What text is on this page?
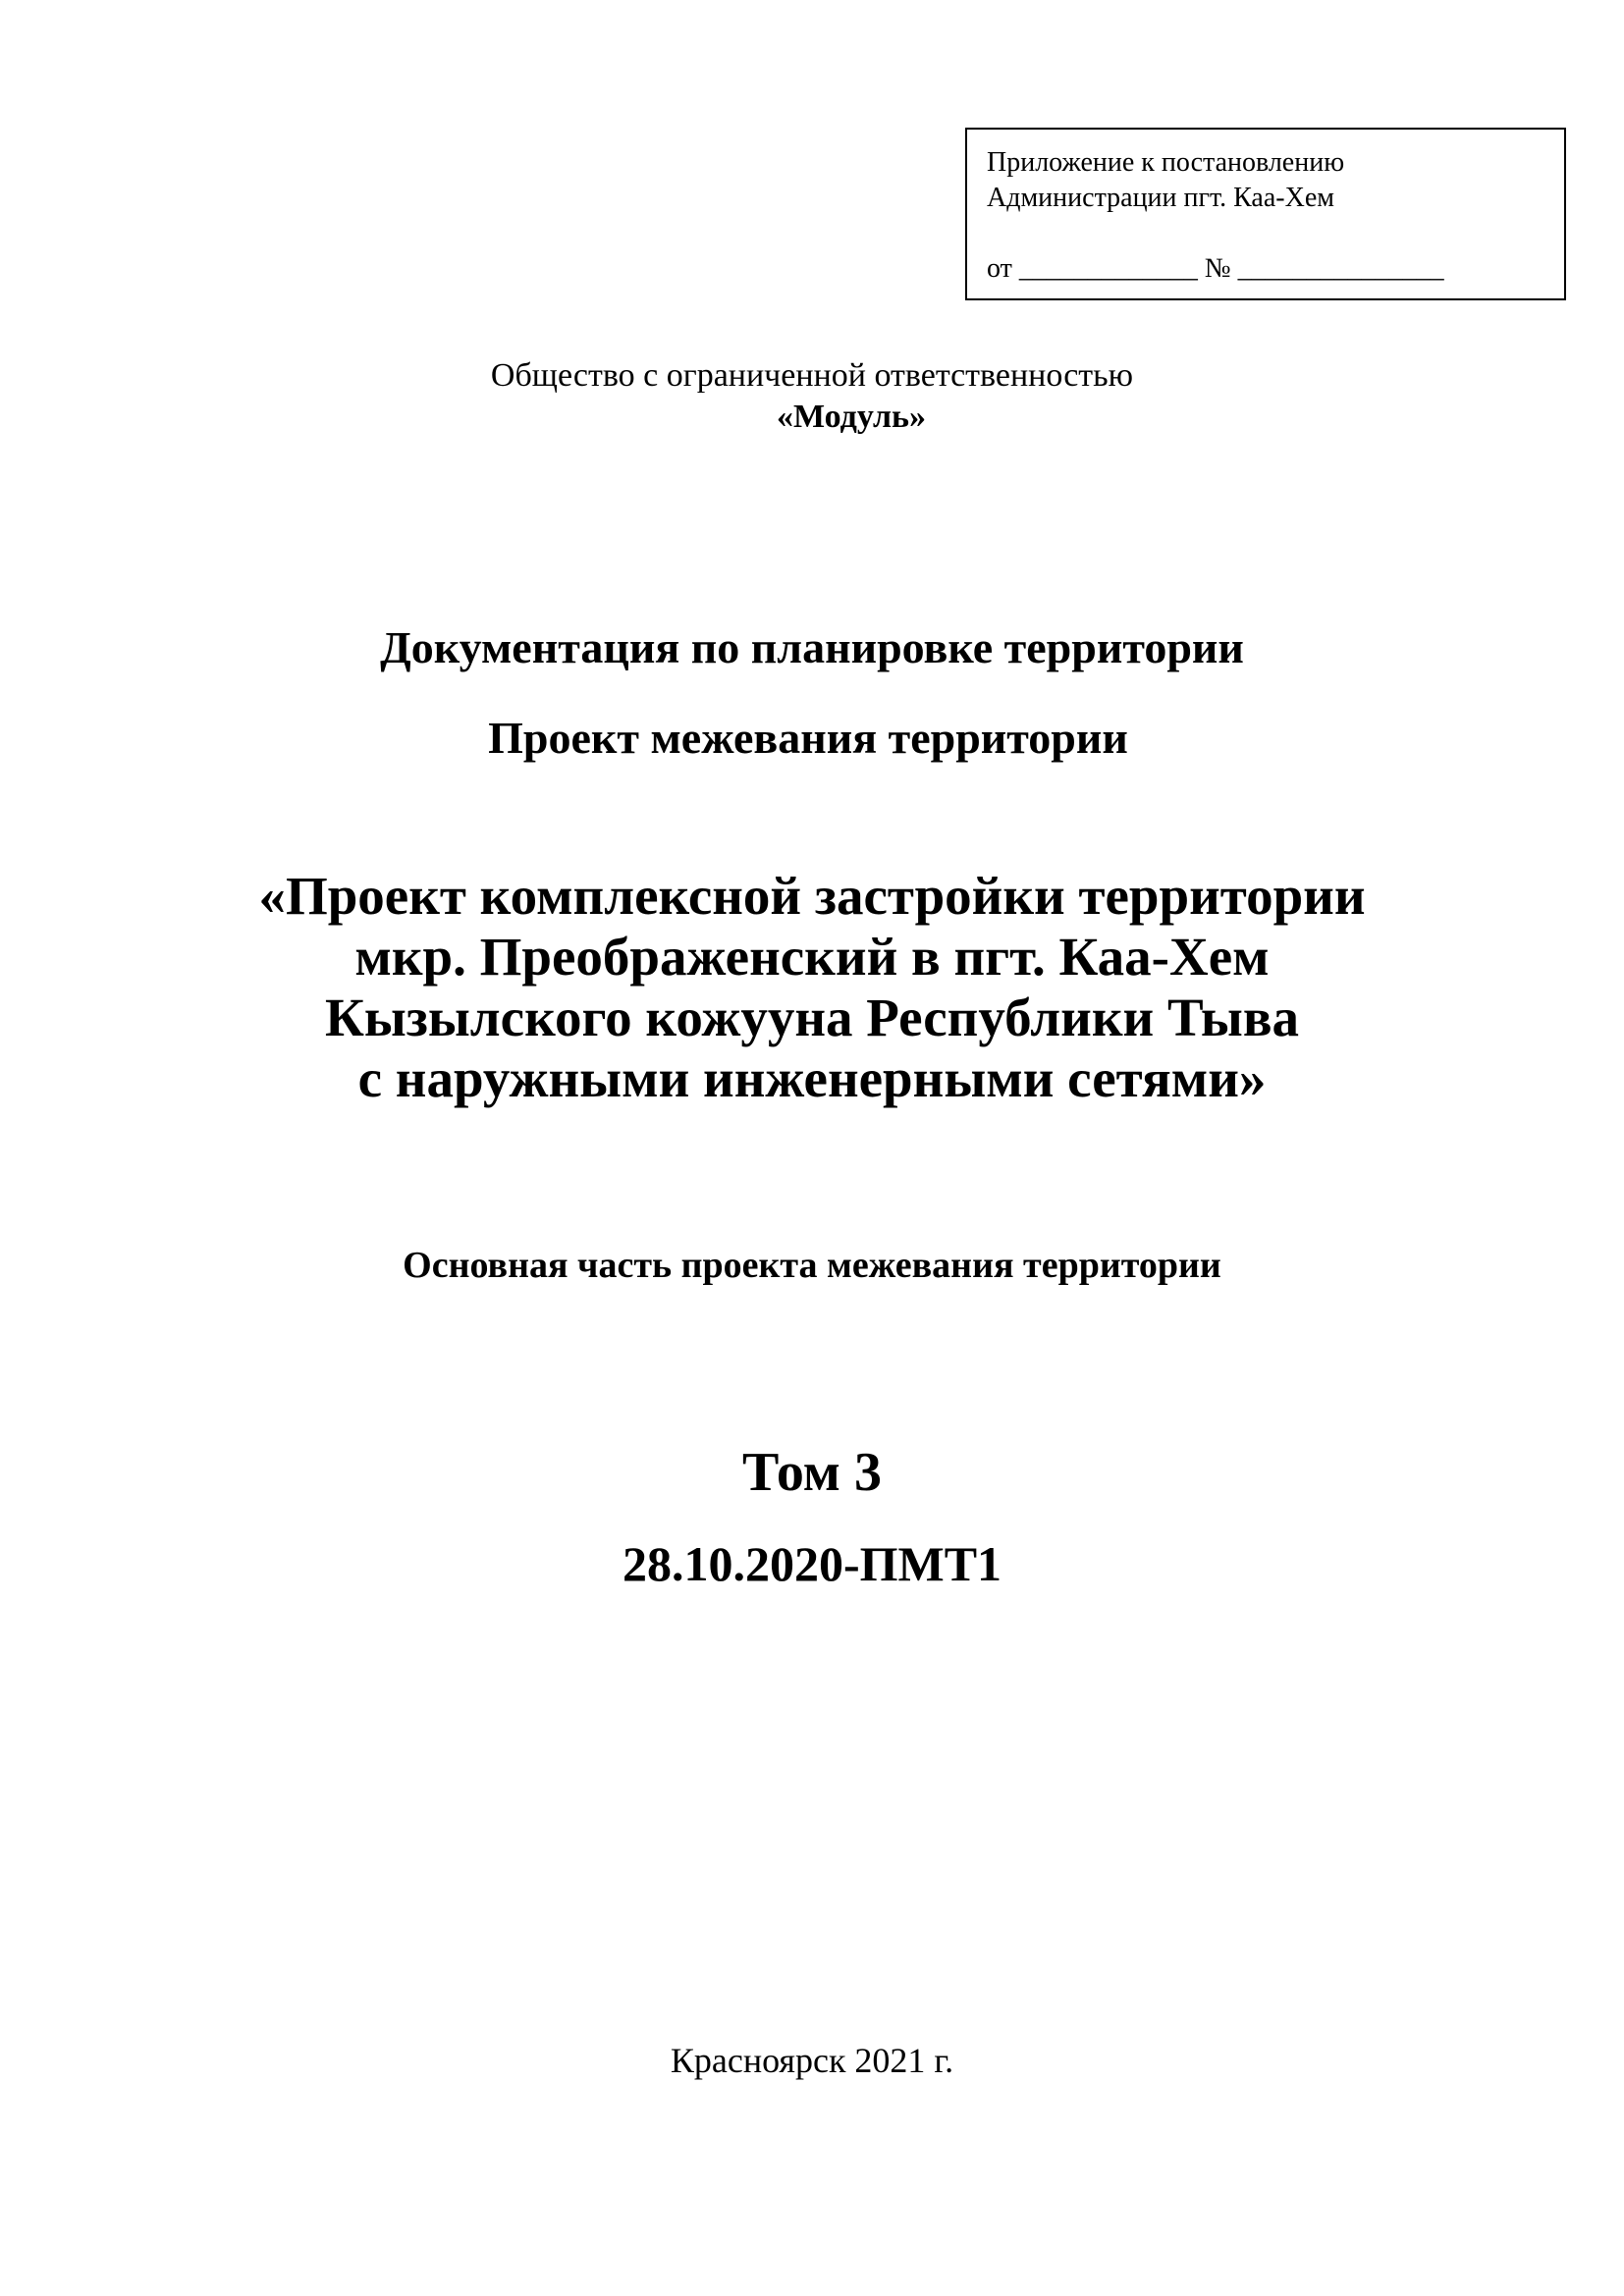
Приложение к постановлению
Администрации пгт. Каа-Хем
от _____________ № _______________
Общество с ограниченной ответственностью
«Модуль»
Документация по планировке территории
Проект межевания территории
«Проект комплексной застройки территории
мкр. Преображенский в пгт. Каа-Хем
Кызылского кожууна Республики Тыва
с наружными инженерными сетями»
Основная часть проекта межевания территории
Том 3
28.10.2020-ПМТ1
Красноярск 2021 г.
